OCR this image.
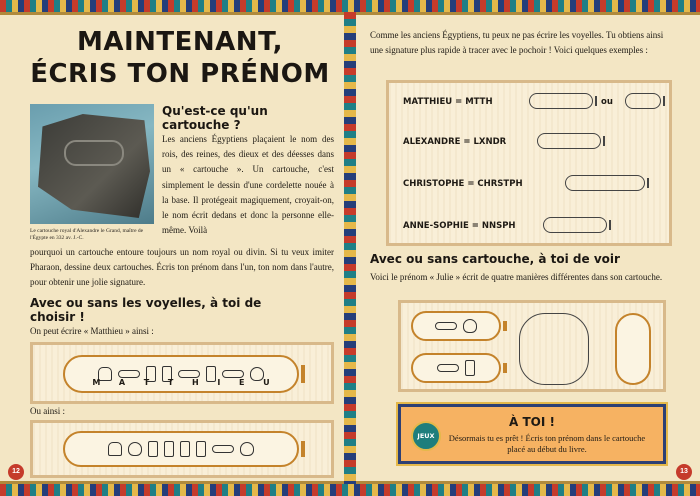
MAINTENANT,
ÉCRIS TON PRÉNOM
Le cartouche royal d'Alexandre le Grand, maître de l'Égypte en 332 av. J.-C.
Qu'est-ce qu'un cartouche ?
Les anciens Égyptiens plaçaient le nom des rois, des reines, des dieux et des déesses dans un « cartouche ». Un cartouche, c'est simplement le dessin d'une cordelette nouée à la base. Il protégeait magiquement, croyait-on, le nom écrit dedans et donc la personne elle-même. Voilà
pourquoi un cartouche entoure toujours un nom royal ou divin. Si tu veux imiter Pharaon, dessine deux cartouches. Écris ton prénom dans l'un, ton nom dans l'autre, pour obtenir une jolie signature.
Avec ou sans les voyelles, à toi de choisir !
On peut écrire « Matthieu » ainsi :
M A T T H I E U
Ou ainsi :
12
Comme les anciens Égyptiens, tu peux ne pas écrire les voyelles. Tu obtiens ainsi une signature plus rapide à tracer avec le pochoir ! Voici quelques exemples :
MATTHIEU = MTTH	ou
ALEXANDRE = LXNDR
CHRISTOPHE = CHRSTPH
ANNE-SOPHIE = NNSPH
Avec ou sans cartouche, à toi de voir
Voici le prénom « Julie » écrit de quatre manières différentes dans son cartouche.
JEUX
À TOI !
Désormais tu es prêt ! Écris ton prénom dans le cartouche placé au début du livre.
13
